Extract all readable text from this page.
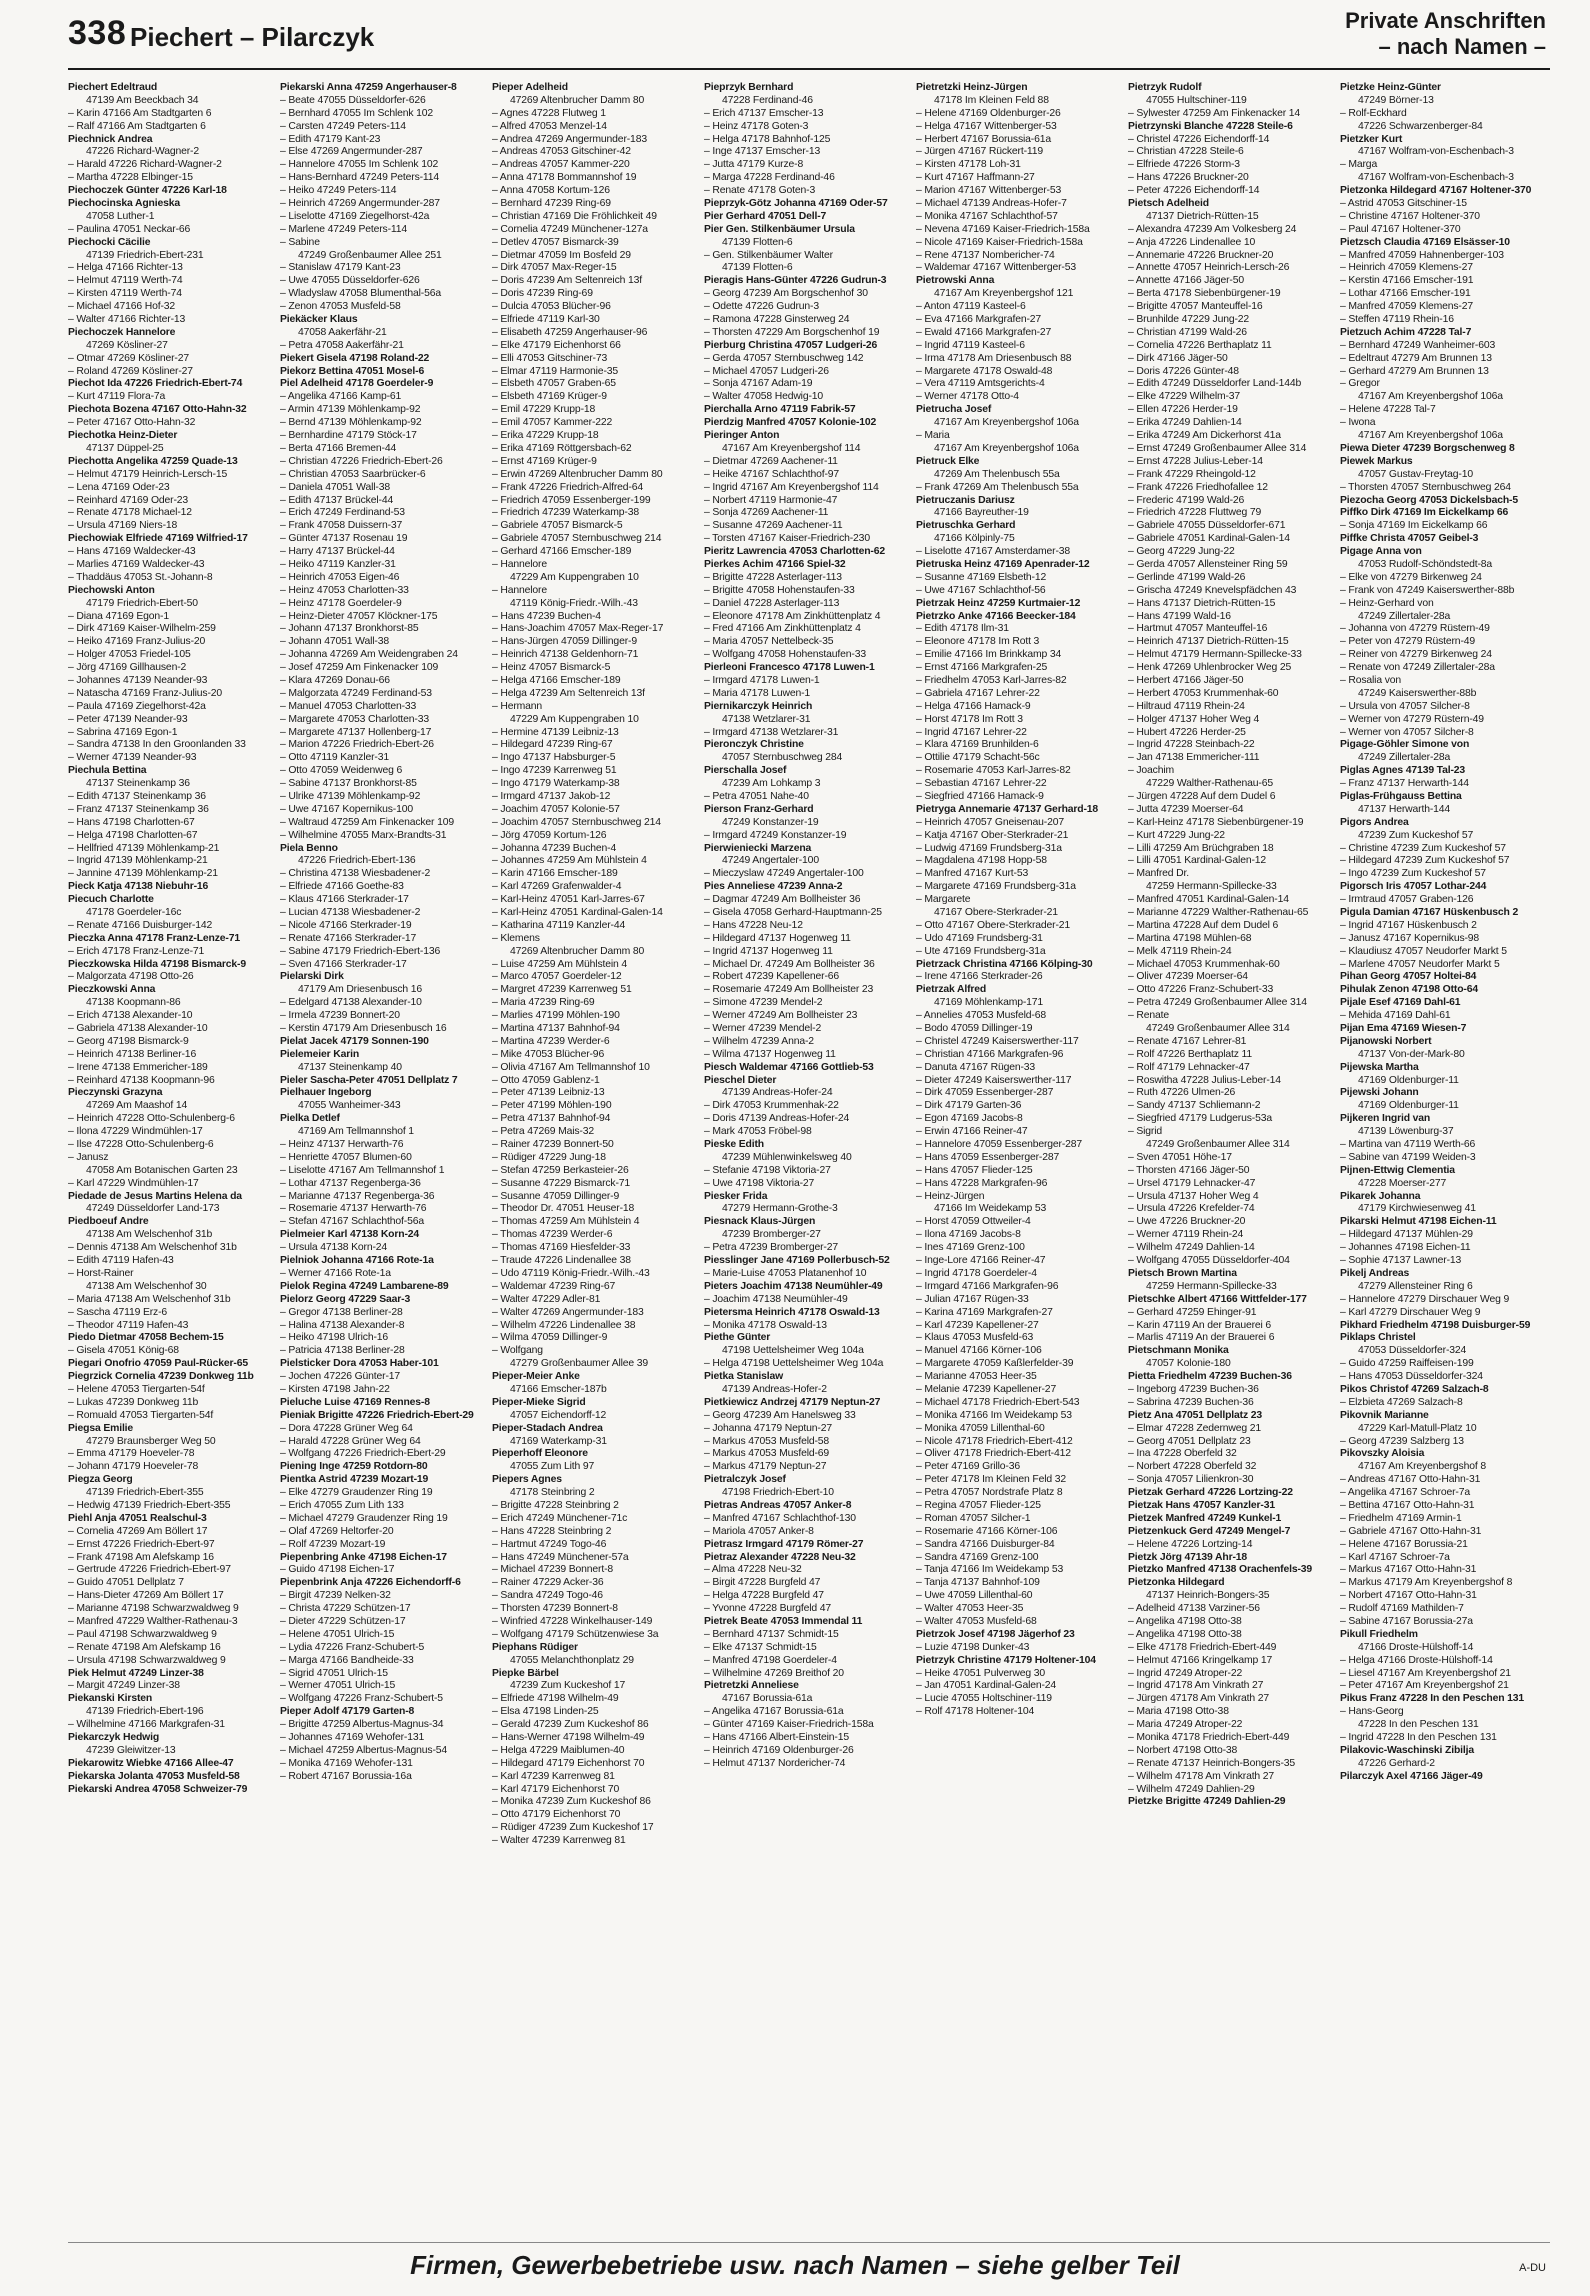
338 Piechert – Pilarczyk
Private Anschriften
– nach Namen –
Piechert Edeltraud
47139 Am Beeckbach 34
– Karin 47166 Am Stadtgarten 6
– Ralf 47166 Am Stadtgarten 6
Piechnick Andrea
47226 Richard-Wagner-2
– Harald 47226 Richard-Wagner-2
– Martha 47228 Elbinger-15
Piechoczek Günter 47226 Karl-18
Piechocinska Agnieska
47058 Luther-1
– Paulina 47051 Neckar-66
Piechocki Cäcilie
47139 Friedrich-Ebert-231
– Helga 47166 Richter-13
– Helmut 47119 Werth-74
– Kirsten 47119 Werth-74
– Michael 47166 Hof-32
– Walter 47166 Richter-13
Piechoczek Hannelore
47269 Kösliner-27
– Otmar 47269 Kösliner-27
– Roland 47269 Kösliner-27
Piechot Ida 47226 Friedrich-Ebert-74
– Kurt 47119 Flora-7a
Piechota Bozena 47167 Otto-Hahn-32
– Peter 47167 Otto-Hahn-32
Piechotka Heinz-Dieter
47137 Düppel-25
Piechotta Angelika 47259 Quade-13
– Helmut 47179 Heinrich-Lersch-15
– Lena 47169 Oder-23
– Reinhard 47169 Oder-23
– Renate 47178 Michael-12
– Ursula 47169 Niers-18
Piechowiak Elfriede 47169 Wilfried-17
– Hans 47169 Waldecker-43
– Marlies 47169 Waldecker-43
– Thaddäus 47053 St.-Johann-8
Piechowski Anton
47179 Friedrich-Ebert-50
– Diana 47169 Egon-1
– Dirk 47169 Kaiser-Wilhelm-259
– Heiko 47169 Franz-Julius-20
– Holger 47053 Friedel-105
– Jörg 47169 Gillhausen-2
– Johannes 47139 Neander-93
– Natascha 47169 Franz-Julius-20
– Paula 47169 Ziegelhorst-42a
– Peter 47139 Neander-93
– Sabrina 47169 Egon-1
– Sandra 47138 In den Groonlanden 33
– Werner 47139 Neander-93
Piechula Bettina
47137 Steinenkamp 36
– Edith 47137 Steinenkamp 36
– Franz 47137 Steinenkamp 36
– Hans 47198 Charlotten-67
– Helga 47198 Charlotten-67
– Hellfried 47139 Möhlenkamp-21
– Ingrid 47139 Möhlenkamp-21
– Jannine 47139 Möhlenkamp-21
Pieck Katja 47138 Niebuhr-16
Piecuch Charlotte
47178 Goerdeler-16c
– Renate 47166 Duisburger-142
Pieczka Anna 47178 Franz-Lenze-71
– Erich 47178 Franz-Lenze-71
Pieczkowska Hilda 47198 Bismarck-9
– Malgorzata 47198 Otto-26
Pieczkowski Anna
47138 Koopmann-86
– Erich 47138 Alexander-10
– Gabriela 47138 Alexander-10
– Georg 47198 Bismarck-9
– Heinrich 47138 Berliner-16
– Irene 47138 Emmericher-189
– Reinhard 47138 Koopmann-96
Pieczynski Grazyna
47269 Am Maashof 14
– Heinrich 47228 Otto-Schulenberg-6
– Ilona 47229 Windmühlen-17
– Ilse 47228 Otto-Schulenberg-6
– Janusz
47058 Am Botanischen Garten 23
– Karl 47229 Windmühlen-17
Piedade de Jesus Martins Helena da
47249 Düsseldorfer Land-173
Piedboeuf Andre
47138 Am Welschenhof 31b
– Dennis 47138 Am Welschenhof 31b
– Edith 47119 Hafen-43
– Horst-Rainer
47138 Am Welschenhof 30
– Maria 47138 Am Welschenhof 31b
– Sascha 47119 Erz-6
– Theodor 47119 Hafen-43
Piedo Dietmar 47058 Bechem-15
– Gisela 47051 König-68
Piegari Onofrio 47059 Paul-Rücker-65
Piegrzick Cornelia 47239 Donkweg 11b
– Helene 47053 Tiergarten-54f
– Lukas 47239 Donkweg 11b
– Romuald 47053 Tiergarten-54f
Piegsa Emilie
47279 Braunsberger Weg 50
– Emma 47179 Hoeveler-78
– Johann 47179 Hoeveler-78
Piegza Georg
47139 Friedrich-Ebert-355
– Hedwig 47139 Friedrich-Ebert-355
Piehl Anja 47051 Realschul-3
– Cornelia 47269 Am Böllert 17
– Ernst 47226 Friedrich-Ebert-97
– Frank 47198 Am Alefskamp 16
– Gertrude 47226 Friedrich-Ebert-97
– Guido 47051 Dellplatz 7
– Hans-Dieter 47269 Am Böllert 17
– Marianne 47198 Schwarzwaldweg 9
– Manfred 47229 Walther-Rathenau-3
– Paul 47198 Schwarzwaldweg 9
– Renate 47198 Am Alefskamp 16
– Ursula 47198 Schwarzwaldweg 9
Piek Helmut 47249 Linzer-38
– Margit 47249 Linzer-38
Piekanski Kirsten
47139 Friedrich-Ebert-196
– Wilhelmine 47166 Markgrafen-31
Piekarczyk Hedwig
47239 Gleiwitzer-13
Piekarowitz Wiebke 47166 Allee-47
Piekarska Jolanta 47053 Musfeld-58
Piekarski Andrea 47058 Schweizer-79
Piekarski Anna 47259 Angerhauser-8
– Beate 47055 Düsseldorfer-626
– Bernhard 47055 Im Schlenk 102
– Carsten 47249 Peters-114
– Edith 47179 Kant-23
– Else 47269 Angermunder-287
– Hannelore 47055 Im Schlenk 102
– Hans-Bernhard 47249 Peters-114
– Heiko 47249 Peters-114
– Heinrich 47269 Angermunder-287
– Liselotte 47169 Ziegelhorst-42a
– Marlene 47249 Peters-114
– Sabine
47249 Großenbaumer Allee 251
– Stanislaw 47179 Kant-23
– Uwe 47055 Düsseldorfer-626
– Wladyslaw 47058 Blumenthal-56a
– Zenon 47053 Musfeld-58
Piekäcker Klaus
47058 Aakerfähr-21
– Petra 47058 Aakerfähr-21
Piekert Gisela 47198 Roland-22
Piekorz Bettina 47051 Mosel-6
Piel Adelheid 47178 Goerdeler-9
– Angelika 47166 Kamp-61
– Armin 47139 Möhlenkamp-92
– Bernd 47139 Möhlenkamp-92
– Bernhardine 47179 Stöck-17
– Berta 47166 Bremen-44
– Christian 47226 Friedrich-Ebert-26
– Christian 47053 Saarbrücker-6
– Daniela 47051 Wall-38
– Edith 47137 Brückel-44
– Erich 47249 Ferdinand-53
– Frank 47058 Duissern-37
– Günter 47137 Rosenau 19
– Harry 47137 Brückel-44
– Heiko 47119 Kanzler-31
– Heinrich 47053 Eigen-46
– Heinz 47053 Charlotten-33
– Heinz 47178 Goerdeler-9
– Heinz-Dieter 47057 Klöckner-175
– Johann 47137 Bronkhorst-85
– Johann 47051 Wall-38
– Johanna 47269 Am Weidengraben 24
– Josef 47259 Am Finkenacker 109
– Klara 47269 Donau-66
– Malgorzata 47249 Ferdinand-53
– Manuel 47053 Charlotten-33
– Margarete 47053 Charlotten-33
– Margarete 47137 Hollenberg-17
– Marion 47226 Friedrich-Ebert-26
– Otto 47119 Kanzler-31
– Otto 47059 Weidenweg 6
– Sabine 47137 Bronkhorst-85
– Ulrike 47139 Möhlenkamp-92
– Uwe 47167 Kopernikus-100
– Waltraud 47259 Am Finkenacker 109
– Wilhelmine 47055 Marx-Brandts-31
Piela Benno
47226 Friedrich-Ebert-136
– Christina 47138 Wiesbadener-2
– Elfriede 47166 Goethe-83
– Klaus 47166 Sterkrader-17
– Lucian 47138 Wiesbadener-2
– Nicole 47166 Sterkrader-19
– Renate 47166 Sterkrader-17
– Sabine 47179 Friedrich-Ebert-136
– Sven 47166 Sterkrader-17
Pielarski Dirk
47179 Am Driesenbusch 16
– Edelgard 47138 Alexander-10
– Irmela 47239 Bonnert-20
– Kerstin 47179 Am Driesenbusch 16
Pielat Jacek 47179 Sonnen-190
Pielemeier Karin
47137 Steinenkamp 40
Pieler Sascha-Peter 47051 Dellplatz 7
Pielhauer Ingeborg
47055 Wanheimer-343
Pielka Detlef
47169 Am Tellmannshof 1
– Heinz 47137 Herwarth-76
– Henriette 47057 Blumen-60
– Liselotte 47167 Am Tellmannshof 1
– Lothar 47137 Regenberga-36
– Marianne 47137 Regenberga-36
– Rosemarie 47137 Herwarth-76
– Stefan 47167 Schlachthof-56a
Pielmeier Karl 47138 Korn-24
– Ursula 47138 Korn-24
Pielniok Johanna 47166 Rote-1a
– Werner 47166 Rote-1a
Pielok Regina 47249 Lambarene-89
Pielorz Georg 47229 Saar-3
– Gregor 47138 Berliner-28
– Halina 47138 Alexander-8
– Heiko 47198 Ulrich-16
– Patricia 47138 Berliner-28
Pielsticker Dora 47053 Haber-101
– Jochen 47226 Günter-17
– Kirsten 47198 Jahn-22
Pieluche Luise 47169 Rennes-8
Pieniak Brigitte 47226 Friedrich-Ebert-29
– Dora 47228 Grüner Weg 64
– Harald 47228 Grüner Weg 64
– Wolfgang 47226 Friedrich-Ebert-29
Piening Inge 47259 Rotdorn-80
Pientka Astrid 47239 Mozart-19
– Elke 47279 Graudenzer Ring 19
– Erich 47055 Zum Lith 133
– Michael 47279 Graudenzer Ring 19
– Olaf 47269 Heltorfer-20
– Rolf 47239 Mozart-19
Piepenbring Anke 47198 Eichen-17
– Guido 47198 Eichen-17
Piepenbrink Anja 47226 Eichendorff-6
– Birgit 47239 Nelken-32
– Christa 47229 Schützen-17
– Dieter 47229 Schützen-17
– Helene 47051 Ulrich-15
– Lydia 47226 Franz-Schubert-5
– Marga 47166 Bandheide-33
– Sigrid 47051 Ulrich-15
– Werner 47051 Ulrich-15
– Wolfgang 47226 Franz-Schubert-5
Pieper Adolf 47179 Garten-8
– Brigitte 47259 Albertus-Magnus-34
– Johannes 47169 Wehofer-131
– Michael 47259 Albertus-Magnus-54
– Monika 47169 Wehofer-131
– Robert 47167 Borussia-16a
Pieper Adelheid
47269 Altenbrucher Damm 80
– Agnes 47228 Flutweg 1
– Alfred 47053 Menzel-14
– Andrea 47269 Angermunder-183
– Andreas 47053 Gitschiner-42
– Andreas 47057 Kammer-220
– Anna 47178 Bommannshof 19
– Anna 47058 Kortum-126
– Bernhard 47239 Ring-69
– Christian 47169 Die Fröhlichkeit 49
– Cornelia 47249 Münchener-127a
– Detlev 47057 Bismarck-39
– Dietmar 47059 Im Bosfeld 29
– Dirk 47057 Max-Reger-15
– Doris 47239 Am Seltenreich 13f
– Doris 47239 Ring-69
– Dulcia 47053 Blücher-96
– Elfriede 47119 Karl-30
– Elisabeth 47259 Angerhauser-96
– Elke 47179 Eichenhorst 66
– Elli 47053 Gitschiner-73
– Elmar 47119 Harmonie-35
– Elsbeth 47057 Graben-65
– Elsbeth 47169 Krüger-9
– Emil 47229 Krupp-18
– Emil 47057 Kammer-222
– Erika 47229 Krupp-18
– Erika 47169 Röttgersbach-62
– Ernst 47169 Krüger-9
– Erwin 47269 Altenbrucher Damm 80
– Frank 47226 Friedrich-Alfred-64
– Friedrich 47059 Essenberger-199
– Friedrich 47239 Waterkamp-38
– Gabriele 47057 Bismarck-5
– Gabriele 47057 Sternbuschweg 214
– Gerhard 47166 Emscher-189
– Hannelore
47229 Am Kuppengraben 10
– Hannelore
47119 König-Friedr.-Wilh.-43
– Hans 47239 Buchen-4
– Hans-Joachim 47057 Max-Reger-17
– Hans-Jürgen 47059 Dillinger-9
– Heinrich 47138 Geldenhorn-71
– Heinz 47057 Bismarck-5
– Helga 47166 Emscher-189
– Helga 47239 Am Seltenreich 13f
– Hermann
47229 Am Kuppengraben 10
– Hermine 47139 Leibniz-13
– Hildegard 47239 Ring-67
– Ingo 47137 Habsburger-5
– Ingo 47239 Karrenweg 51
– Ingo 47179 Waterkamp-38
– Irmgard 47137 Jakob-12
– Joachim 47057 Kolonie-57
– Joachim 47057 Sternbuschweg 214
– Jörg 47059 Kortum-126
– Johanna 47239 Buchen-4
– Johannes 47259 Am Mühlstein 4
– Karin 47166 Emscher-189
– Karl 47269 Grafenwalder-4
– Karl-Heinz 47051 Karl-Jarres-67
– Karl-Heinz 47051 Kardinal-Galen-14
– Katharina 47119 Kanzler-44
– Klemens
47269 Altenbrucher Damm 80
– Luise 47259 Am Mühlstein 4
– Marco 47057 Goerdeler-12
– Margret 47239 Karrenweg 51
– Maria 47239 Ring-69
– Marlies 47199 Möhlen-190
– Martina 47137 Bahnhof-94
– Martina 47239 Werder-6
– Mike 47053 Blücher-96
– Olivia 47167 Am Tellmannshof 10
– Otto 47059 Gablenz-1
– Peter 47139 Leibniz-13
– Peter 47199 Möhlen-190
– Petra 47137 Bahnhof-94
– Petra 47269 Mais-32
– Rainer 47239 Bonnert-50
– Rüdiger 47229 Jung-18
– Stefan 47259 Berkasteier-26
– Susanne 47229 Bismarck-71
– Susanne 47059 Dillinger-9
– Theodor Dr. 47051 Heuser-18
– Thomas 47259 Am Mühlstein 4
– Thomas 47239 Werder-6
– Thomas 47169 Hiesfelder-33
– Traude 47226 Lindenallee 38
– Udo 47119 König-Friedr.-Wilh.-43
– Waldemar 47239 Ring-67
– Walter 47229 Adler-81
– Walter 47269 Angermunder-183
– Wilhelm 47226 Lindenallee 38
– Wilma 47059 Dillinger-9
– Wolfgang
47279 Großenbaumer Allee 39
Pieper-Meier Anke
47166 Emscher-187b
Pieper-Mieke Sigrid
47057 Eichendorff-12
Pieper-Stadach Andrea
47169 Waterkamp-31
Pieperhoff Eleonore
47055 Zum Lith 97
Piepers Agnes
47178 Steinbring 2
– Brigitte 47228 Steinbring 2
– Erich 47249 Münchener-71c
– Hans 47228 Steinbring 2
– Hartmut 47249 Togo-46
– Hans 47249 Münchener-57a
– Michael 47239 Bonnert-8
– Rainer 47229 Acker-36
– Sandra 47249 Togo-46
– Thorsten 47239 Bonnert-8
– Winfried 47228 Winkelhauser-149
– Wolfgang 47179 Schützenwiese 3a
Piephans Rüdiger
47055 Melanchthonplatz 29
Piepke Bärbel
47239 Zum Kuckeshof 17
– Elfriede 47198 Wilhelm-49
– Elsa 47198 Linden-25
– Gerald 47239 Zum Kuckeshof 86
– Hans-Werner 47198 Wilhelm-49
– Helga 47229 Maiblumen-40
– Hildegard 47179 Eichenhorst 70
– Karl 47239 Karrenweg 81
– Karl 47179 Eichenhorst 70
– Monika 47239 Zum Kuckeshof 86
– Otto 47179 Eichenhorst 70
– Rüdiger 47239 Zum Kuckeshof 17
– Walter 47239 Karrenweg 81
Pieprzyk Bernhard
47228 Ferdinand-46
– Erich 47137 Emscher-13
– Heinz 47178 Goten-3
– Helga 47178 Bahnhof-125
– Inge 47137 Emscher-13
– Jutta 47179 Kurze-8
– Marga 47228 Ferdinand-46
– Renate 47178 Goten-3
Pieprzyk-Götz Johanna 47169 Oder-57
Pier Gerhard 47051 Dell-7
Pier Gen. Stilkenbäumer Ursula
47139 Flotten-6
– Gen. Stilkenbäumer Walter
47139 Flotten-6
Pieragis Hans-Günter 47226 Gudrun-3
– Georg 47239 Am Borgschenhof 30
– Odette 47226 Gudrun-3
– Ramona 47228 Ginsterweg 24
– Thorsten 47229 Am Borgschenhof 19
Pierburg Christina 47057 Ludgeri-26
– Gerda 47057 Sternbuschweg 142
– Michael 47057 Ludgeri-26
– Sonja 47167 Adam-19
– Walter 47058 Hedwig-10
Pierchalla Arno 47119 Fabrik-57
Pierdzig Manfred 47057 Kolonie-102
Pieringer Anton
47167 Am Kreyenbergshof 114
– Dietmar 47269 Aachener-11
– Heike 47167 Schlachthof-97
– Ingrid 47167 Am Kreyenbergshof 114
– Norbert 47119 Harmonie-47
– Sonja 47269 Aachener-11
– Susanne 47269 Aachener-11
– Torsten 47167 Kaiser-Friedrich-230
Pieritz Lawrencia 47053 Charlotten-62
Pierkes Achim 47166 Spiel-32
– Brigitte 47228 Asterlager-113
– Brigitte 47058 Hohenstaufen-33
– Daniel 47228 Asterlager-113
– Eleonore 47178 Am Zinkhüttenplatz 4
– Fred 47166 Am Zinkhüttenplatz 4
– Maria 47057 Nettelbeck-35
– Wolfgang 47058 Hohenstaufen-33
Pierleoni Francesco 47178 Luwen-1
– Irmgard 47178 Luwen-1
– Maria 47178 Luwen-1
Piernikarczyk Heinrich
47138 Wetzlarer-31
– Irmgard 47138 Wetzlarer-31
Pieronczyk Christine
47057 Sternbuschweg 284
Pierschalla Josef
47239 Am Lohkamp 3
– Petra 47051 Nahe-40
Pierson Franz-Gerhard
47249 Konstanzer-19
– Irmgard 47249 Konstanzer-19
Pierwieniecki Marzena
47249 Angertaler-100
– Mieczyslaw 47249 Angertaler-100
Pies Anneliese 47239 Anna-2
– Dagmar 47249 Am Bollheister 36
– Gisela 47058 Gerhard-Hauptmann-25
– Hans 47228 Neu-12
– Hildegard 47137 Hogenweg 11
– Ingrid 47137 Hogenweg 11
– Michael Dr. 47249 Am Bollheister 36
– Robert 47239 Kapellener-66
– Rosemarie 47249 Am Bollheister 23
– Simone 47239 Mendel-2
– Werner 47249 Am Bollheister 23
– Werner 47239 Mendel-2
– Wilhelm 47239 Anna-2
– Wilma 47137 Hogenweg 11
Piesch Waldemar 47166 Gottlieb-53
Pieschel Dieter
47139 Andreas-Hofer-24
– Dirk 47053 Krummenhak-22
– Doris 47139 Andreas-Hofer-24
– Mark 47053 Fröbel-98
Pieske Edith
47239 Mühlenwinkelsweg 40
– Stefanie 47198 Viktoria-27
– Uwe 47198 Viktoria-27
Piesker Frida
47279 Hermann-Grothe-3
Piesnack Klaus-Jürgen
47239 Bromberger-27
– Petra 47239 Bromberger-27
Piesslinger Jane 47169 Pollerbusch-52
– Marie-Luise 47053 Platanenhof 10
Pieters Joachim 47138 Neumühler-49
– Joachim 47138 Neumühler-49
Pietersma Heinrich 47178 Oswald-13
– Monika 47178 Oswald-13
Piethe Günter
47198 Uettelsheimer Weg 104a
– Helga 47198 Uettelsheimer Weg 104a
Pietka Stanislaw
47139 Andreas-Hofer-2
Pietkiewicz Andrzej 47179 Neptun-27
– Georg 47239 Am Hanelsweg 33
– Johanna 47179 Neptun-27
– Markus 47053 Musfeld-58
– Markus 47053 Musfeld-69
– Markus 47179 Neptun-27
Pietralczyk Josef
47198 Friedrich-Ebert-10
Pietras Andreas 47057 Anker-8
– Manfred 47167 Schlachthof-130
– Mariola 47057 Anker-8
Pietrasz Irmgard 47179 Römer-27
Pietraz Alexander 47228 Neu-32
– Alma 47228 Neu-32
– Birgit 47228 Burgfeld 47
– Helga 47228 Burgfeld 47
– Yvonne 47228 Burgfeld 47
Pietrek Beate 47053 Immendal 11
– Bernhard 47137 Schmidt-15
– Elke 47137 Schmidt-15
– Manfred 47198 Goerdeler-4
– Wilhelmine 47269 Breithof 20
Pietretzki Anneliese
47167 Borussia-61a
– Angelika 47167 Borussia-61a
– Günter 47169 Kaiser-Friedrich-158a
– Hans 47166 Albert-Einstein-15
– Heinrich 47169 Oldenburger-26
– Helmut 47137 Nordericher-74
Pietretzki Heinz-Jürgen
47178 Im Kleinen Feld 88
– Helene 47169 Oldenburger-26
– Helga 47167 Wittenberger-53
– Herbert 47167 Borussia-61a
– Jürgen 47167 Rückert-119
– Kirsten 47178 Loh-31
– Kurt 47167 Haffmann-27
– Marion 47167 Wittenberger-53
– Michael 47139 Andreas-Hofer-7
– Monika 47167 Schlachthof-57
– Nevena 47169 Kaiser-Friedrich-158a
– Nicole 47169 Kaiser-Friedrich-158a
– Rene 47137 Nombericher-74
– Waldemar 47167 Wittenberger-53
Pietrowski Anna
47167 Am Kreyenbergshof 121
– Anton 47119 Kasteel-6
– Eva 47166 Markgrafen-27
– Ewald 47166 Markgrafen-27
– Ingrid 47119 Kasteel-6
– Irma 47178 Am Driesenbusch 88
– Margarete 47178 Oswald-48
– Vera 47119 Amtsgerichts-4
– Werner 47178 Otto-4
Pietrucha Josef
47167 Am Kreyenbergshof 106a
– Maria
47167 Am Kreyenbergshof 106a
Pietruck Elke
47269 Am Thelenbusch 55a
– Frank 47269 Am Thelenbusch 55a
Pietruczanis Dariusz
47166 Bayreuther-19
Pietruschka Gerhard
47166 Kölpinly-75
– Liselotte 47167 Amsterdamer-38
Pietruska Heinz 47169 Apenrader-12
– Susanne 47169 Elsbeth-12
– Uwe 47167 Schlachthof-56
Pietrzak Heinz 47259 Kurtmaier-12
Pietrzko Anke 47166 Beecker-184
– Edith 47178 Ilm-31
– Eleonore 47178 Im Rott 3
– Emilie 47166 Im Brinkkamp 34
– Ernst 47166 Markgrafen-25
– Friedhelm 47053 Karl-Jarres-82
– Gabriela 47167 Lehrer-22
– Helga 47166 Hamack-9
– Horst 47178 Im Rott 3
– Ingrid 47167 Lehrer-22
– Klara 47169 Brunhilden-6
– Ottilie 47179 Schacht-56c
– Rosemarie 47053 Karl-Jarres-82
– Sebastian 47167 Lehrer-22
– Siegfried 47166 Hamack-9
Pietryga Annemarie 47137 Gerhard-18
– Heinrich 47057 Gneisenau-207
– Katja 47167 Ober-Sterkrader-21
– Ludwig 47169 Frundsberg-31a
– Magdalena 47198 Hopp-58
– Manfred 47167 Kurt-53
– Margarete 47169 Frundsberg-31a
– Margarete
47167 Obere-Sterkrader-21
– Otto 47167 Obere-Sterkrader-21
– Udo 47169 Frundsberg-31
– Ute 47169 Frundsberg-31a
Pietrzack Christina 47166 Kölping-30
– Irene 47166 Sterkrader-26
Pietrzak Alfred
47169 Möhlenkamp-171
– Annelies 47053 Musfeld-68
– Bodo 47059 Dillinger-19
– Christel 47249 Kaiserswerther-117
– Christian 47166 Markgrafen-96
– Danuta 47167 Rügen-33
– Dieter 47249 Kaiserswerther-117
– Dirk 47059 Essenberger-287
– Dirk 47179 Garten-36
– Egon 47169 Jacobs-8
– Erwin 47166 Reiner-47
– Hannelore 47059 Essenberger-287
– Hans 47059 Essenberger-287
– Hans 47057 Flieder-125
– Hans 47228 Markgrafen-96
– Heinz-Jürgen
47166 Im Weidekamp 53
– Horst 47059 Ottweiler-4
– Ilona 47169 Jacobs-8
– Ines 47169 Grenz-100
– Inge-Lore 47166 Reiner-47
– Ingrid 47178 Goerdeler-4
– Irmgard 47166 Markgrafen-96
– Julian 47167 Rügen-33
– Karina 47169 Markgrafen-27
– Karl 47239 Kapellener-27
– Klaus 47053 Musfeld-63
– Manuel 47166 Körner-106
– Margarete 47059 Kaßlerfelder-39
– Marianne 47053 Heer-35
– Melanie 47239 Kapellener-27
– Michael 47178 Friedrich-Ebert-543
– Monika 47166 Im Weidekamp 53
– Monika 47059 Lillenthal-60
– Nicole 47178 Friedrich-Ebert-412
– Oliver 47178 Friedrich-Ebert-412
– Peter 47169 Grillo-36
– Peter 47178 Im Kleinen Feld 32
– Petra 47057 Nordstrafe Platz 8
– Regina 47057 Flieder-125
– Roman 47057 Silcher-1
– Rosemarie 47166 Körner-106
– Sandra 47166 Duisburger-84
– Sandra 47169 Grenz-100
– Tanja 47166 Im Weidekamp 53
– Tanja 47137 Bahnhof-109
– Uwe 47059 Lillenthal-60
– Walter 47053 Heer-35
– Walter 47053 Musfeld-68
Pietrzok Josef 47198 Jägerhof 23
– Luzie 47198 Dunker-43
Pietrzyk Christine 47179 Holtener-104
– Heike 47051 Pulverweg 30
– Jan 47051 Kardinal-Galen-24
– Lucie 47055 Holtschiner-119
– Rolf 47178 Holtener-104
Pietrzyk Rudolf
47055 Hultschiner-119
– Sylwester 47259 Am Finkenacker 14
Pietrzynski Blanche 47228 Steile-6
– Christel 47226 Eichendorff-14
– Christian 47228 Steile-6
– Elfriede 47226 Storm-3
– Hans 47226 Bruckner-20
– Peter 47226 Eichendorff-14
Pietsch Adelheid
47137 Dietrich-Rütten-15
– Alexandra 47239 Am Volkesberg 24
– Anja 47226 Lindenallee 10
– Annemarie 47226 Bruckner-20
– Annette 47057 Heinrich-Lersch-26
– Annette 47166 Jäger-50
– Berta 47178 Siebenbürgener-19
– Brigitte 47057 Manteuffel-16
– Brunhilde 47229 Jung-22
– Christian 47199 Wald-26
– Cornelia 47226 Berthaplatz 11
– Dirk 47166 Jäger-50
– Doris 47226 Günter-48
– Edith 47249 Düsseldorfer Land-144b
– Elke 47229 Wilhelm-37
– Ellen 47226 Herder-19
– Erika 47249 Dahlien-14
– Erika 47249 Am Dickerhorst 41a
– Ernst 47249 Großenbaumer Allee 314
– Ernst 47228 Julius-Leber-14
– Frank 47229 Rheingold-12
– Frank 47226 Friedhofallee 12
– Frederic 47199 Wald-26
– Friedrich 47228 Fluttweg 79
– Gabriele 47055 Düsseldorfer-671
– Gabriele 47051 Kardinal-Galen-14
– Georg 47229 Jung-22
– Gerda 47057 Allensteiner Ring 59
– Gerlinde 47199 Wald-26
– Grischa 47249 Knevelspfädchen 43
– Hans 47137 Dietrich-Rütten-15
– Hans 47199 Wald-16
– Hartmut 47057 Manteuffel-16
– Heinrich 47137 Dietrich-Rütten-15
– Helmut 47179 Hermann-Spillecke-33
– Henk 47269 Uhlenbrocker Weg 25
– Herbert 47166 Jäger-50
– Herbert 47053 Krummenhak-60
– Hiltraud 47119 Rhein-24
– Holger 47137 Hoher Weg 4
– Hubert 47226 Herder-25
– Ingrid 47228 Steinbach-22
– Jan 47138 Emmericher-111
– Joachim
47229 Walther-Rathenau-65
– Jürgen 47228 Auf dem Dudel 6
– Jutta 47239 Moerser-64
– Karl-Heinz 47178 Siebenbürgener-19
– Kurt 47229 Jung-22
– Lilli 47259 Am Brüchgraben 18
– Lilli 47051 Kardinal-Galen-12
– Manfred Dr.
47259 Hermann-Spillecke-33
– Manfred 47051 Kardinal-Galen-14
– Marianne 47229 Walther-Rathenau-65
– Martina 47228 Auf dem Dudel 6
– Martina 47198 Mühlen-68
– Melk 47119 Rhein-24
– Michael 47053 Krummenhak-60
– Oliver 47239 Moerser-64
– Otto 47226 Franz-Schubert-33
– Petra 47249 Großenbaumer Allee 314
– Renate
47249 Großenbaumer Allee 314
– Renate 47167 Lehrer-81
– Rolf 47226 Berthaplatz 11
– Rolf 47179 Lehnacker-47
– Roswitha 47228 Julius-Leber-14
– Ruth 47226 Ulmen-26
– Sandy 47137 Schliemann-2
– Siegfried 47179 Ludgerus-53a
– Sigrid
47249 Großenbaumer Allee 314
– Sven 47051 Höhe-17
– Thorsten 47166 Jäger-50
– Ursel 47179 Lehnacker-47
– Ursula 47137 Hoher Weg 4
– Ursula 47226 Krefelder-74
– Uwe 47226 Bruckner-20
– Werner 47119 Rhein-24
– Wilhelm 47249 Dahlien-14
– Wolfgang 47055 Düsseldorfer-404
Pietsch Brown Martina
47259 Hermann-Spillecke-33
Pietschke Albert 47166 Wittfelder-177
– Gerhard 47259 Ehinger-91
– Karin 47119 An der Brauerei 6
– Marlis 47119 An der Brauerei 6
Pietschmann Monika
47057 Kolonie-180
Pietta Friedhelm 47239 Buchen-36
– Ingeborg 47239 Buchen-36
– Sabrina 47239 Buchen-36
Pietz Ana 47051 Dellplatz 23
– Elmar 47228 Zedernweg 21
– Georg 47051 Dellplatz 23
– Ina 47228 Oberfeld 32
– Norbert 47228 Oberfeld 32
– Sonja 47057 Lilienkron-30
Pietzak Gerhard 47226 Lortzing-22
Pietzak Hans 47057 Kanzler-31
Pietzek Manfred 47249 Kunkel-1
Pietzenkuck Gerd 47249 Mengel-7
– Helene 47226 Lortzing-14
Pietzk Jörg 47139 Ahr-18
Pietzko Manfred 47138 Orachenfels-39
Pietzonka Hildegard
47137 Heinrich-Bongers-35
– Adelheid 47138 Varziner-56
– Angelika 47198 Otto-38
– Angelika 47198 Otto-38
– Elke 47178 Friedrich-Ebert-449
– Helmut 47166 Kringelkamp 17
– Ingrid 47249 Atroper-22
– Ingrid 47178 Am Vinkrath 27
– Jürgen 47178 Am Vinkrath 27
– Maria 47198 Otto-38
– Maria 47249 Atroper-22
– Monika 47178 Friedrich-Ebert-449
– Norbert 47198 Otto-38
– Renate 47137 Heinrich-Bongers-35
– Wilhelm 47178 Am Vinkrath 27
– Wilhelm 47249 Dahlien-29
Pietzke Brigitte 47249 Dahlien-29
Pietzke Heinz-Günter
47249 Börner-13
– Rolf-Eckhard
47226 Schwarzenberger-84
Pietzker Kurt
47167 Wolfram-von-Eschenbach-3
– Marga
47167 Wolfram-von-Eschenbach-3
Pietzonka Hildegard 47167 Holtener-370
– Astrid 47053 Gitschiner-15
– Christine 47167 Holtener-370
– Paul 47167 Holtener-370
Pietzsch Claudia 47169 Elsässer-10
– Manfred 47059 Hahnenberger-103
– Heinrich 47059 Klemens-27
– Kerstin 47166 Emscher-191
– Lothar 47166 Emscher-191
– Manfred 47059 Klemens-27
– Steffen 47119 Rhein-16
Pietzuch Achim 47228 Tal-7
– Bernhard 47249 Wanheimer-603
– Edeltraut 47279 Am Brunnen 13
– Gerhard 47279 Am Brunnen 13
– Gregor
47167 Am Kreyenbergshof 106a
– Helene 47228 Tal-7
– Iwona
47167 Am Kreyenbergshof 106a
Piewa Dieter 47239 Borgschenweg 8
Piewek Markus
47057 Gustav-Freytag-10
– Thorsten 47057 Sternbuschweg 264
Piezocha Georg 47053 Dickelsbach-5
Piffko Dirk 47169 Im Eickelkamp 66
– Sonja 47169 Im Eickelkamp 66
Piffke Christa 47057 Geibel-3
Pigage Anna von
47053 Rudolf-Schöndstedt-8a
– Elke von 47279 Birkenweg 24
– Frank von 47249 Kaiserswerther-88b
– Heinz-Gerhard von
47249 Zillertaler-28a
– Johanna von 47279 Rüstern-49
– Peter von 47279 Rüstern-49
– Reiner von 47279 Birkenweg 24
– Renate von 47249 Zillertaler-28a
– Rosalia von
47249 Kaiserswerther-88b
– Ursula von 47057 Silcher-8
– Werner von 47279 Rüstern-49
– Werner von 47057 Silcher-8
Pigage-Göhler Simone von
47249 Zillertaler-28a
Piglas Agnes 47139 Tal-23
– Franz 47137 Herwarth-144
Piglas-Frühgauss Bettina
47137 Herwarth-144
Pigors Andrea
47239 Zum Kuckeshof 57
– Christine 47239 Zum Kuckeshof 57
– Hildegard 47239 Zum Kuckeshof 57
– Ingo 47239 Zum Kuckeshof 57
Pigorsch Iris 47057 Lothar-244
– Irmtraud 47057 Graben-126
Pigula Damian 47167 Hüskenbusch 2
– Ingrid 47167 Hüskenbusch 2
– Janusz 47167 Kopernikus-98
– Klaudiusz 47057 Neudorfer Markt 5
– Marlene 47057 Neudorfer Markt 5
Pihan Georg 47057 Holtei-84
Pihulak Zenon 47198 Otto-64
Pijale Esef 47169 Dahl-61
– Mehida 47169 Dahl-61
Pijan Ema 47169 Wiesen-7
Pijanowski Norbert
47137 Von-der-Mark-80
Pijewska Martha
47169 Oldenburger-11
Pijewski Johann
47169 Oldenburger-11
Pijkeren Ingrid van
47139 Löwenburg-37
– Martina van 47119 Werth-66
– Sabine van 47199 Weiden-3
Pijnen-Ettwig Clementia
47228 Moerser-277
Pikarek Johanna
47179 Kirchwiesenweg 41
Pikarski Helmut 47198 Eichen-11
– Hildegard 47137 Mühlen-29
– Johannes 47198 Eichen-11
– Sophie 47137 Lawner-13
Pikelj Andreas
47279 Allensteiner Ring 6
– Hannelore 47279 Dirschauer Weg 9
– Karl 47279 Dirschauer Weg 9
Pikhard Friedhelm 47198 Duisburger-59
Piklaps Christel
47053 Düsseldorfer-324
– Guido 47259 Raiffeisen-199
– Hans 47053 Düsseldorfer-324
Pikos Christof 47269 Salzach-8
– Elzbieta 47269 Salzach-8
Pikovnik Marianne
47229 Karl-Matull-Platz 10
– Georg 47239 Salzberg 13
Pikovszky Aloisia
47167 Am Kreyenbergshof 8
– Andreas 47167 Otto-Hahn-31
– Angelika 47167 Schroer-7a
– Bettina 47167 Otto-Hahn-31
– Friedhelm 47169 Armin-1
– Gabriele 47167 Otto-Hahn-31
– Helene 47167 Borussia-21
– Karl 47167 Schroer-7a
– Markus 47167 Otto-Hahn-31
– Markus 47179 Am Kreyenbergshof 8
– Norbert 47167 Otto-Hahn-31
– Rudolf 47169 Mathilden-7
– Sabine 47167 Borussia-27a
Pikull Friedhelm
47166 Droste-Hülshoff-14
– Helga 47166 Droste-Hülshoff-14
– Liesel 47167 Am Kreyenbergshof 21
– Peter 47167 Am Kreyenbergshof 21
Pikus Franz 47228 In den Peschen 131
– Hans-Georg
47228 In den Peschen 131
– Ingrid 47228 In den Peschen 131
Pilakovic-Waschinski Zibilja
47226 Gerhard-2
Pilarczyk Axel 47166 Jäger-49
Firmen, Gewerbebetriebe usw. nach Namen – siehe gelber Teil	A-DU
